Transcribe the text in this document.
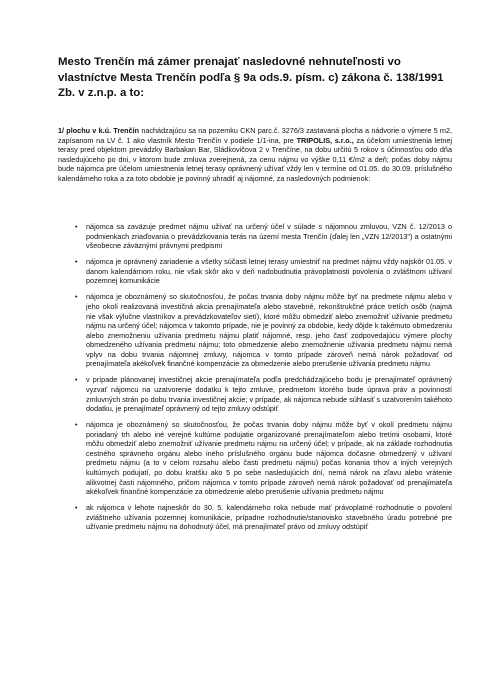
Mesto Trenčín má zámer prenajať nasledovné nehnuteľnosti vo vlastníctve Mesta Trenčín podľa § 9a ods.9. písm. c) zákona č. 138/1991 Zb. v z.n.p. a to:

1/ plochu v k.ú. Trenčín nachádzajúcu sa na pozemku CKN parc.č. 3276/3 zastavaná plocha a nádvorie o výmere 5 m2, zapísanom na LV č. 1 ako vlastník Mesto Trenčín v podiele 1/1-ina, pre TRIPOLIS, s.r.o., za účelom umiestnenia letnej terasy pred objektom prevádzky Barbakan Bar, Sládkovičova 2 v Trenčíne, na dobu určitú 5 rokov s účinnosťou odo dňa nasledujúceho po dni, v ktorom bude zmluva zverejnená, za cenu nájmu vo výške 0,11 €/m2 a deň; počas doby nájmu bude nájomca pre účelom umiestnenia letnej terasy oprávnený užívať vždy len v termíne od 01.05. do 30.09. príslušného kalendárneho roka a za toto obdobie je povinný uhradiť aj nájomné, za nasledovných podmienok:

• nájomca sa zaväzuje predmet nájmu užívať na určený účel v súlade s nájomnou zmluvou, VZN č. 12/2013 o podmienkach zriaďovania o prevádzkovania terás na území mesta Trenčín (ďalej len „VZN 12/2013") a ostatnými všeobecne záväznými právnymi predpismi
• nájomca je oprávnený zariadenie a všetky súčasti letnej terasy umiestniť na predmet nájmu vždy najskôr 01.05. v danom kalendárnom roku, nie však skôr ako v deň nadobudnutia právoplatnosti povolenia o zvláštnom užívaní pozemnej komunikácie
• nájomca je oboznámený so skutočnosťou, že počas trvania doby nájmu môže byť na predmete nájmu alebo v jeho okolí realizovaná investičná akcia prenajímateľa alebo stavebné, rekonštrukčné práce tretích osôb (najmä nie však výlučne vlastníkov a prevádzkovateľov sietí), ktoré môžu obmedziť alebo znemožniť užívanie predmetu nájmu na určený účel; nájomca v takomto prípade, nie je povinný za obdobie, kedy dôjde k takémuto obmedzeniu alebo znemožneniu užívania predmetu nájmu platiť nájomné, resp. jeho časť zodpovedajúcu výmere plochy obmedzeného užívania predmetu nájmu; toto obmedzenie alebo znemožnenie užívania predmetu nájmu nemá vplyv na dobu trvania nájomnej zmluvy, nájomca v tomto prípade zároveň nemá nárok požadovať od prenajímateľa akékoľvek finančné kompenzácie za obmedzenie alebo prerušenie užívania predmetu nájmu
• v prípade plánovanej investičnej akcie prenajímateľa podľa predchádzajúceho bodu je prenajímateľ oprávnený vyzvať nájomcu na uzatvorenie dodatku k tejto zmluve, predmetom ktorého bude úprava práv a povinností zmluvných strán po dobu trvania investičnej akcie; v prípade, ak nájomca nebude súhlasiť s uzatvorením takéhoto dodatku, je prenajímateľ oprávnený od tejto zmluvy odstúpiť
• nájomca je oboznámený so skutočnosťou, že počas trvania doby nájmu môže byť v okolí predmetu nájmu poriadaný trh alebo iné verejné kultúrne podujatie organizované prenajímateľom alebo tretími osobami, ktoré môžu obmedziť alebo znemožniť užívanie predmetu nájmu na určený účel; v prípade, ak na základe rozhodnutia cestného správneho orgánu alebo iného príslušného orgánu bude nájomca dočasne obmedzený v užívaní predmetu nájmu (a to v celom rozsahu alebo časti predmetu nájmu) počas konania trhov a iných verejných kultúrnych podujatí, po dobu kratšiu ako 5 po sebe nasledujúcich dní, nemá nárok na zľavu alebo vrátenie alikvotnej časti nájomného, pričom nájomca v tomto prípade zároveň nemá nárok požadovať od prenajímateľa akékoľvek finančné kompenzácie za obmedzenie alebo prerušenie užívania predmetu nájmu
• ak nájomca v lehote najneskôr do 30. 5. kalendárneho roka nebude mať právoplatné rozhodnutie o povolení zvláštneho užívania pozemnej komunikácie, prípadne rozhodnutie/stanovisko stavebného úradu potrebné pre užívanie predmetu nájmu na dohodnutý účel, má prenajímateľ právo od zmluvy odstúpiť
